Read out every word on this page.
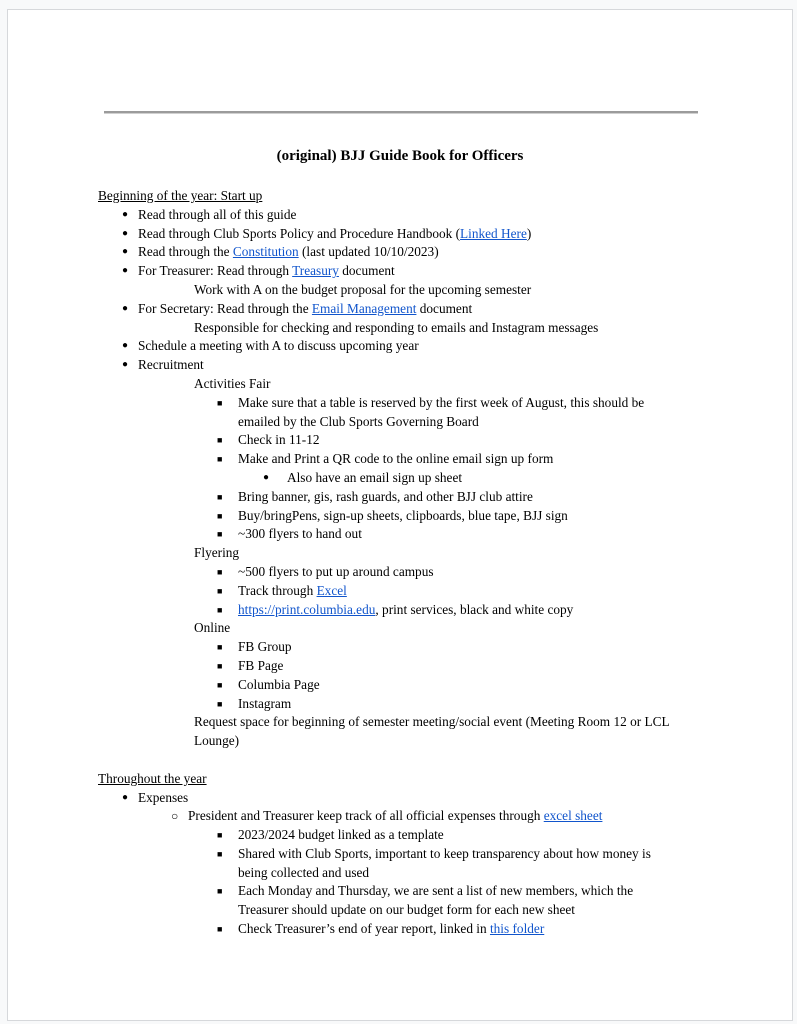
(original) BJJ Guide Book for Officers
Beginning of the year: Start up
● Read through all of this guide
● Read through Club Sports Policy and Procedure Handbook (Linked Here)
● Read through the Constitution (last updated 10/10/2023)
● For Treasurer: Read through Treasury document
Work with A on the budget proposal for the upcoming semester
● For Secretary: Read through the Email Management document
Responsible for checking and responding to emails and Instagram messages
● Schedule a meeting with A to discuss upcoming year
● Recruitment
Activities Fair
■ Make sure that a table is reserved by the first week of August, this should be
emailed by the Club Sports Governing Board
■ Check in 11-12
■ Make and Print a QR code to the online email sign up form
● Also have an email sign up sheet
■ Bring banner, gis, rash guards, and other BJJ club attire
■ Buy/bringPens, sign-up sheets, clipboards, blue tape, BJJ sign
■ ~300 flyers to hand out
Flyering
■ ~500 flyers to put up around campus
■ Track through Excel
■ https://print.columbia.edu, print services, black and white copy
Online
■ FB Group
■ FB Page
■ Columbia Page
■ Instagram
Request space for beginning of semester meeting/social event (Meeting Room 12 or LCL
Lounge)
Throughout the year
● Expenses
○ President and Treasurer keep track of all official expenses through excel sheet
■ 2023/2024 budget linked as a template
■ Shared with Club Sports, important to keep transparency about how money is
being collected and used
■ Each Monday and Thursday, we are sent a list of new members, which the
Treasurer should update on our budget form for each new sheet
■ Check Treasurer’s end of year report, linked in this folder
